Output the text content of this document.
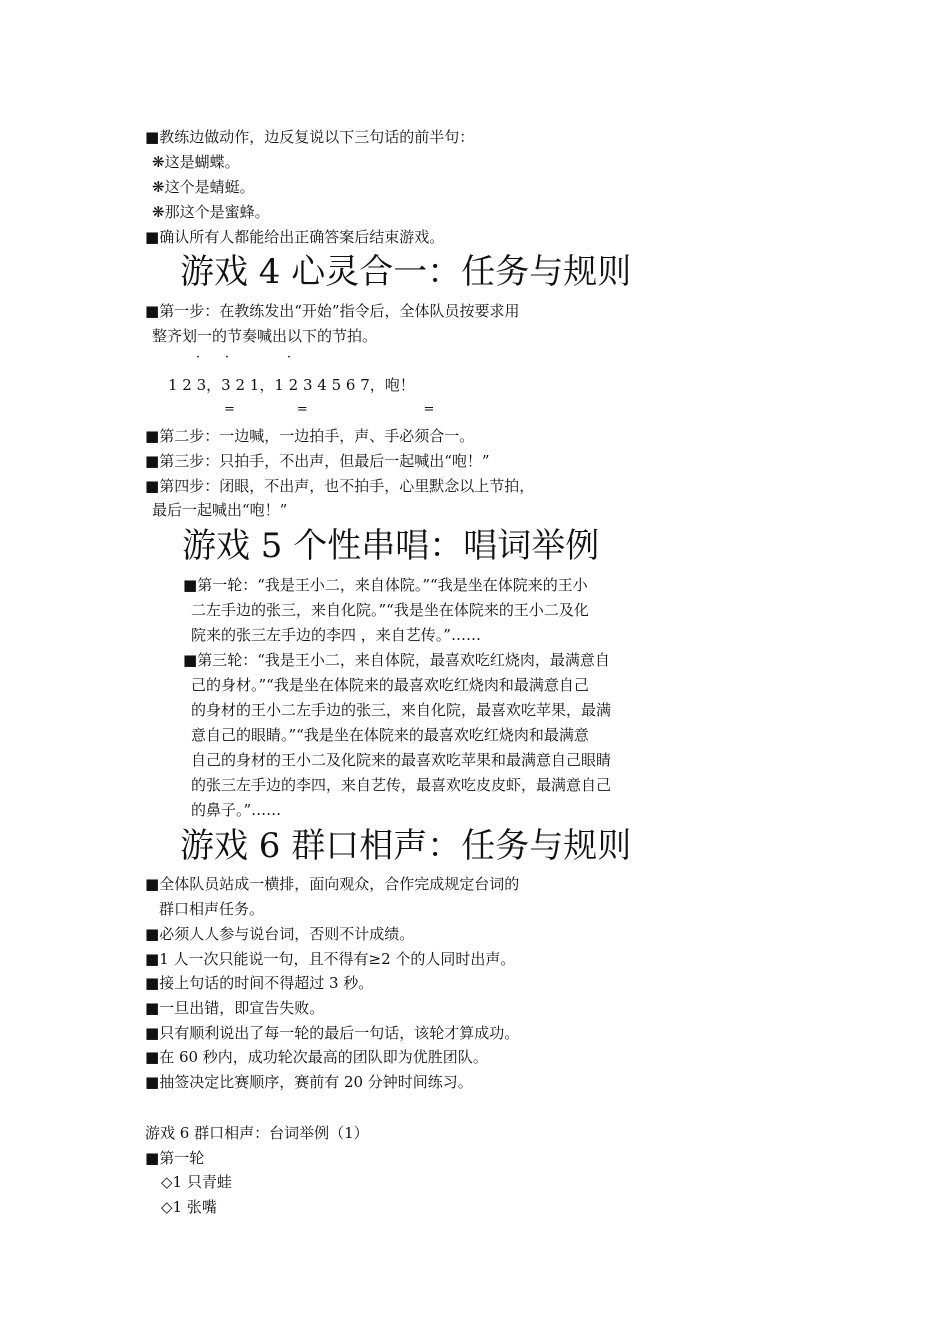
■教练边做动作，边反复说以下三句话的前半句：
❋这是蝴蝶。
❋这个是蜻蜓。
❋那这个是蜜蜂。
■确认所有人都能给出正确答案后结束游戏。
游戏 4 心灵合一：任务与规则
■第一步：在教练发出“开始”指令后，全体队员按要求用
整齐划一的节奏喊出以下的节拍。
·      ·              ·
1 2 3，3 2 1，1 2 3 4 5 6 7，咆！
=               =                            =
■第二步：一边喊，一边拍手，声、手必须合一。
■第三步：只拍手，不出声，但最后一起喊出“咆！”
■第四步：闭眼，不出声，也不拍手，心里默念以上节拍，
最后一起喊出“咆！”
游戏 5 个性串唱：唱词举例
■第一轮：“我是王小二，来自体院。”“我是坐在体院来的王小
二左手边的张三，来自化院。”“我是坐在体院来的王小二及化
院来的张三左手边的李四 ，来自艺传。”……
■第三轮：“我是王小二，来自体院，最喜欢吃红烧肉，最满意自
己的身材。”“我是坐在体院来的最喜欢吃红烧肉和最满意自己
的身材的王小二左手边的张三，来自化院，最喜欢吃苹果，最满
意自己的眼睛。”“我是坐在体院来的最喜欢吃红烧肉和最满意
自己的身材的王小二及化院来的最喜欢吃苹果和最满意自己眼睛
的张三左手边的李四，来自艺传，最喜欢吃皮皮虾，最满意自己
的鼻子。”……
游戏 6 群口相声：任务与规则
■全体队员站成一横排，面向观众，合作完成规定台词的
群口相声任务。
■必须人人参与说台词，否则不计成绩。
■1 人一次只能说一句，且不得有≥2 个的人同时出声。
■接上句话的时间不得超过 3 秒。
■一旦出错，即宣告失败。
■只有顺利说出了每一轮的最后一句话，该轮才算成功。
■在 60 秒内，成功轮次最高的团队即为优胜团队。
■抽签决定比赛顺序，赛前有 20 分钟时间练习。
游戏 6 群口相声：台词举例（1）
■第一轮
◇1 只青蛙
◇1 张嘴
